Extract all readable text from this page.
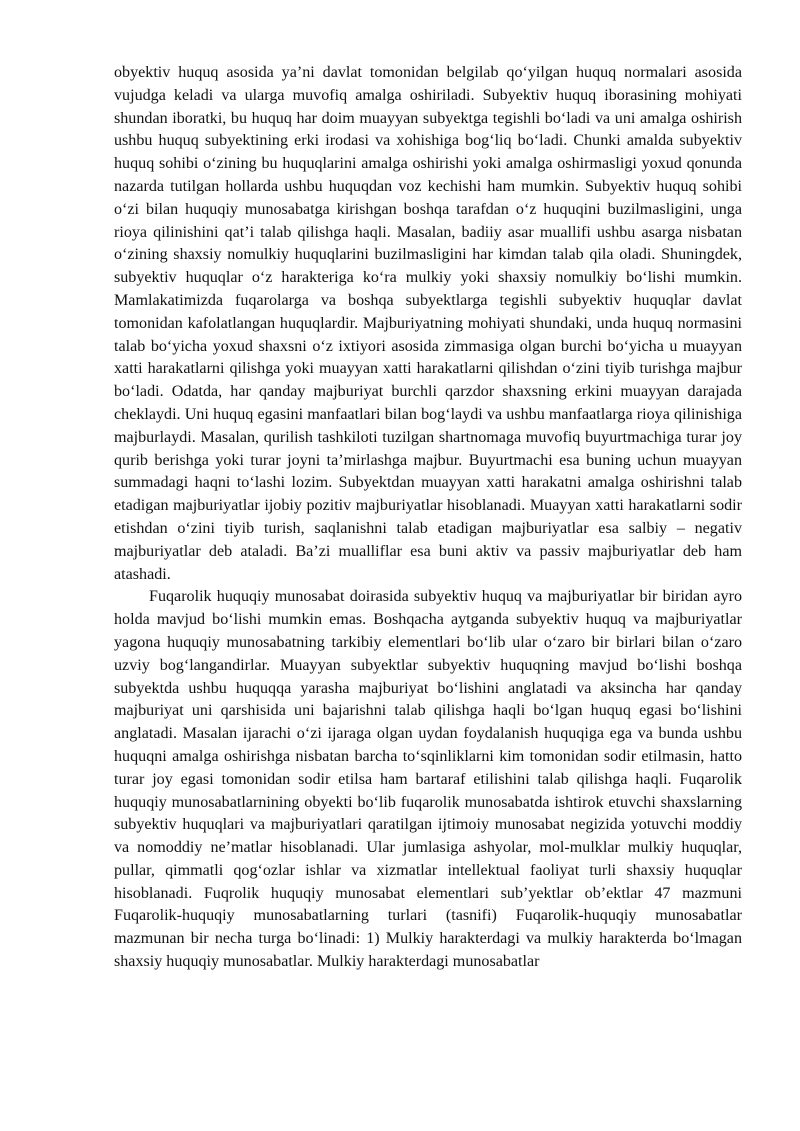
obyektiv huquq asosida ya’ni davlat tomonidan belgilab qo‘yilgan huquq normalari asosida vujudga keladi va ularga muvofiq amalga oshiriladi. Subyektiv huquq iborasining mohiyati shundan iboratki, bu huquq har doim muayyan subyektga tegishli bo‘ladi va uni amalga oshirish ushbu huquq subyektining erki irodasi va xohishiga bog‘liq bo‘ladi. Chunki amalda subyektiv huquq sohibi o‘zining bu huquqlarini amalga oshirishi yoki amalga oshirmasligi yoxud qonunda nazarda tutilgan hollarda ushbu huquqdan voz kechishi ham mumkin. Subyektiv huquq sohibi o‘zi bilan huquqiy munosabatga kirishgan boshqa tarafdan o‘z huquqini buzilmasligini, unga rioya qilinishini qat’i talab qilishga haqli. Masalan, badiiy asar muallifi ushbu asarga nisbatan o‘zining shaxsiy nomulkiy huquqlarini buzilmasligini har kimdan talab qila oladi. Shuningdek, subyektiv huquqlar o‘z harakteriga ko‘ra mulkiy yoki shaxsiy nomulkiy bo‘lishi mumkin. Mamlakatimizda fuqarolarga va boshqa subyektlarga tegishli subyektiv huquqlar davlat tomonidan kafolatlangan huquqlardir. Majburiyatning mohiyati shundaki, unda huquq normasini talab bo‘yicha yoxud shaxsni o‘z ixtiyori asosida zimmasiga olgan burchi bo‘yicha u muayyan xatti harakatlarni qilishga yoki muayyan xatti harakatlarni qilishdan o‘zini tiyib turishga majbur bo‘ladi. Odatda, har qanday majburiyat burchli qarzdor shaxsning erkini muayyan darajada cheklaydi. Uni huquq egasini manfaatlari bilan bog‘laydi va ushbu manfaatlarga rioya qilinishiga majburlaydi. Masalan, qurilish tashkiloti tuzilgan shartnomaga muvofiq buyurtmachiga turar joy qurib berishga yoki turar joyni ta’mirlashga majbur. Buyurtmachi esa buning uchun muayyan summadagi haqni to‘lashi lozim. Subyektdan muayyan xatti harakatni amalga oshirishni talab etadigan majburiyatlar ijobiy pozitiv majburiyatlar hisoblanadi. Muayyan xatti harakatlarni sodir etishdan o‘zini tiyib turish, saqlanishni talab etadigan majburiyatlar esa salbiy – negativ majburiyatlar deb ataladi. Ba’zi mualliflar esa buni aktiv va passiv majburiyatlar deb ham atashadi.

Fuqarolik huquqiy munosabat doirasida subyektiv huquq va majburiyatlar bir biridan ayro holda mavjud bo‘lishi mumkin emas. Boshqacha aytganda subyektiv huquq va majburiyatlar yagona huquqiy munosabatning tarkibiy elementlari bo‘lib ular o‘zaro bir birlari bilan o‘zaro uzviy bog‘langandirlar. Muayyan subyektlar subyektiv huquqning mavjud bo‘lishi boshqa subyektda ushbu huquqqa yarasha majburiyat bo‘lishini anglatadi va aksincha har qanday majburiyat uni qarshisida uni bajarishni talab qilishga haqli bo‘lgan huquq egasi bo‘lishini anglatadi. Masalan ijarachi o‘zi ijaraga olgan uydan foydalanish huquqiga ega va bunda ushbu huquqni amalga oshirishga nisbatan barcha to‘sqinliklarni kim tomonidan sodir etilmasin, hatto turar joy egasi tomonidan sodir etilsa ham bartaraf etilishini talab qilishga haqli. Fuqarolik huquqiy munosabatlarnining obyekti bo‘lib fuqarolik munosabatda ishtirok etuvchi shaxslarning subyektiv huquqlari va majburiyatlari qaratilgan ijtimoiy munosabat negizida yotuvchi moddiy va nomoddiy ne’matlar hisoblanadi. Ular jumlasiga ashyolar, mol-mulklar mulkiy huquqlar, pullar, qimmatli qog‘ozlar ishlar va xizmatlar intellektual faoliyat turli shaxsiy huquqlar hisoblanadi. Fuqrolik huquqiy munosabat elementlari sub’yektlar ob’ektlar 47 mazmuni Fuqarolik-huquqiy munosabatlarning turlari (tasnifi) Fuqarolik-huquqiy munosabatlar mazmunan bir necha turga bo‘linadi: 1) Mulkiy harakterdagi va mulkiy harakterda bo‘lmagan shaxsiy huquqiy munosabatlar. Mulkiy harakterdagi munosabatlar
